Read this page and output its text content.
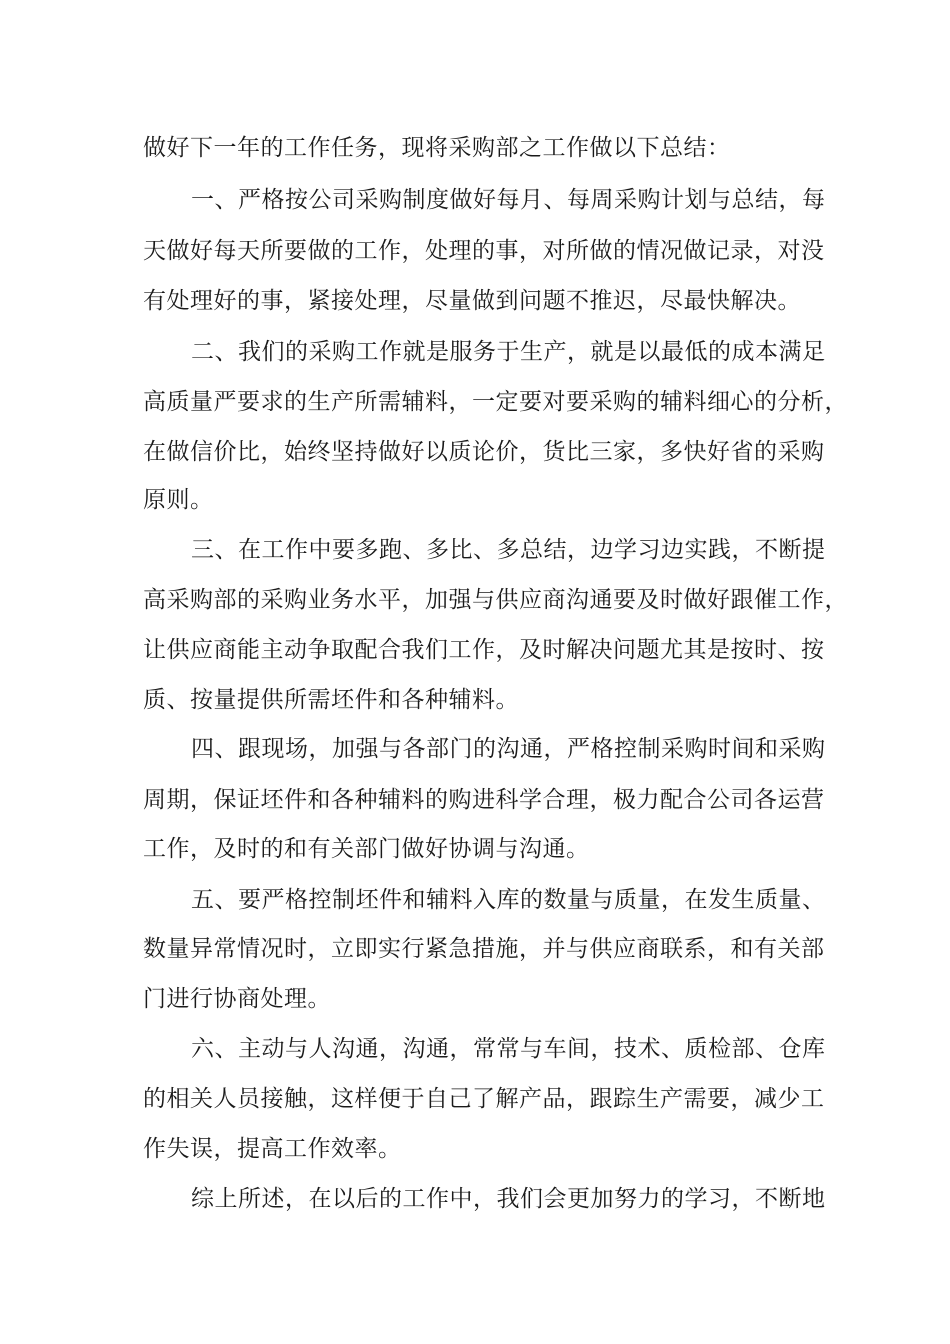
做好下一年的工作任务，现将采购部之工作做以下总结：
一、严格按公司采购制度做好每月、每周采购计划与总结，每
天做好每天所要做的工作，处理的事，对所做的情况做记录，对没
有处理好的事，紧接处理，尽量做到问题不推迟，尽最快解决。
二、我们的采购工作就是服务于生产，就是以最低的成本满足
高质量严要求的生产所需辅料，一定要对要采购的辅料细心的分析，
在做信价比，始终坚持做好以质论价，货比三家，多快好省的采购
原则。
三、在工作中要多跑、多比、多总结，边学习边实践，不断提
高采购部的采购业务水平，加强与供应商沟通要及时做好跟催工作，
让供应商能主动争取配合我们工作，及时解决问题尤其是按时、按
质、按量提供所需坯件和各种辅料。
四、跟现场，加强与各部门的沟通，严格控制采购时间和采购
周期，保证坯件和各种辅料的购进科学合理，极力配合公司各运营
工作，及时的和有关部门做好协调与沟通。
五、要严格控制坯件和辅料入库的数量与质量，在发生质量、
数量异常情况时，立即实行紧急措施，并与供应商联系，和有关部
门进行协商处理。
六、主动与人沟通，沟通，常常与车间，技术、质检部、仓库
的相关人员接触，这样便于自己了解产品，跟踪生产需要，减少工
作失误，提高工作效率。
综上所述，在以后的工作中，我们会更加努力的学习，不断地
